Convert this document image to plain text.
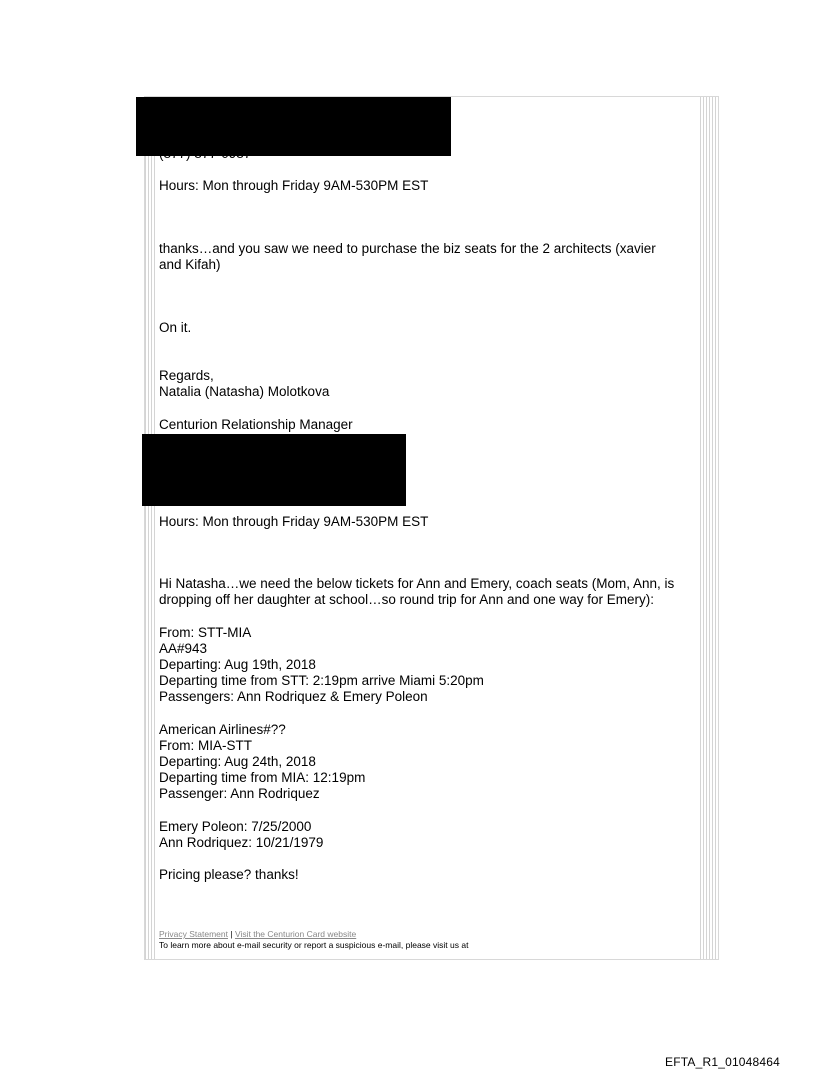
Hours: Mon through Friday 9AM-530PM EST
thanks…and you saw we need to purchase the biz seats for the 2 architects (xavier
and Kifah)
On it.
Regards,
Natalia (Natasha) Molotkova
Centurion Relationship Manager
Hours: Mon through Friday 9AM-530PM EST
Hi Natasha…we need the below tickets for Ann and Emery, coach seats (Mom, Ann, is
dropping off her daughter at school…so round trip for Ann and one way for Emery):
From: STT-MIA
AA#943
Departing: Aug 19th, 2018
Departing time from STT: 2:19pm arrive Miami 5:20pm
Passengers: Ann Rodriquez & Emery Poleon
American Airlines#??
From: MIA-STT
Departing: Aug 24th, 2018
Departing time from MIA: 12:19pm
Passenger: Ann Rodriquez
Emery Poleon: 7/25/2000
Ann Rodriquez: 10/21/1979
Pricing please? thanks!
Privacy Statement | Visit the Centurion Card website
To learn more about e-mail security or report a suspicious e-mail, please visit us at
EFTA_R1_01048464
